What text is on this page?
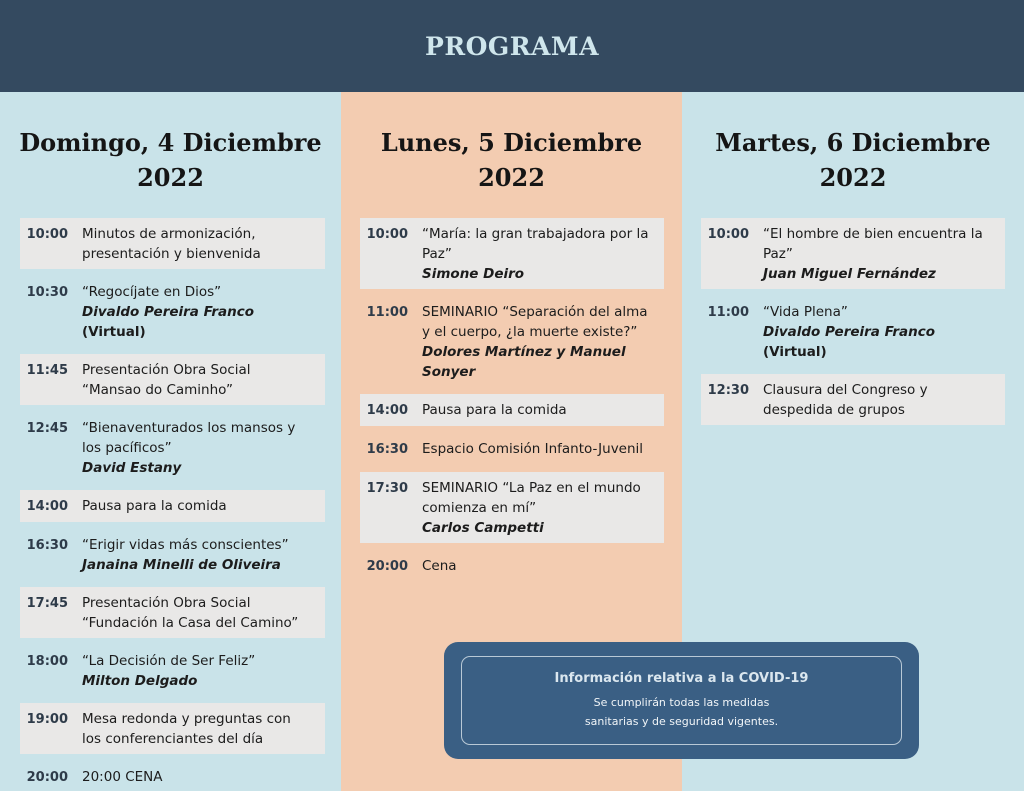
PROGRAMA
Domingo, 4 Diciembre
2022
10:00	Minutos de armonización,
presentación y bienvenida
10:30	“Regocíjate en Dios”
Divaldo Pereira Franco (Virtual)
11:45	Presentación Obra Social
“Mansao do Caminho”
12:45	“Bienaventurados los mansos y
los pacíficos”
David Estany
14:00	Pausa para la comida
16:30	“Erigir vidas más conscientes”
Janaina Minelli de Oliveira
17:45	Presentación Obra Social
“Fundación la Casa del Camino”
18:00	“La Decisión de Ser Feliz”
Milton Delgado
19:00	Mesa redonda y preguntas con
los conferenciantes del día
20:00	20:00 CENA
Lunes, 5 Diciembre
2022
10:00	“María: la gran trabajadora por la
Paz”
Simone Deiro
11:00	SEMINARIO “Separación del alma
y el cuerpo, ¿la muerte existe?”
Dolores Martínez y Manuel
Sonyer
14:00	Pausa para la comida
16:30	Espacio Comisión Infanto-Juvenil
17:30	SEMINARIO “La Paz en el mundo
comienza en mí”
Carlos Campetti
20:00	Cena
Martes, 6 Diciembre
2022
10:00	“El hombre de bien encuentra la
Paz”
Juan Miguel Fernández
11:00	“Vida Plena”
Divaldo Pereira Franco (Virtual)
12:30	Clausura del Congreso y
despedida de grupos
Información relativa a la COVID-19
Se cumplirán todas las medidas
sanitarias y de seguridad vigentes.
